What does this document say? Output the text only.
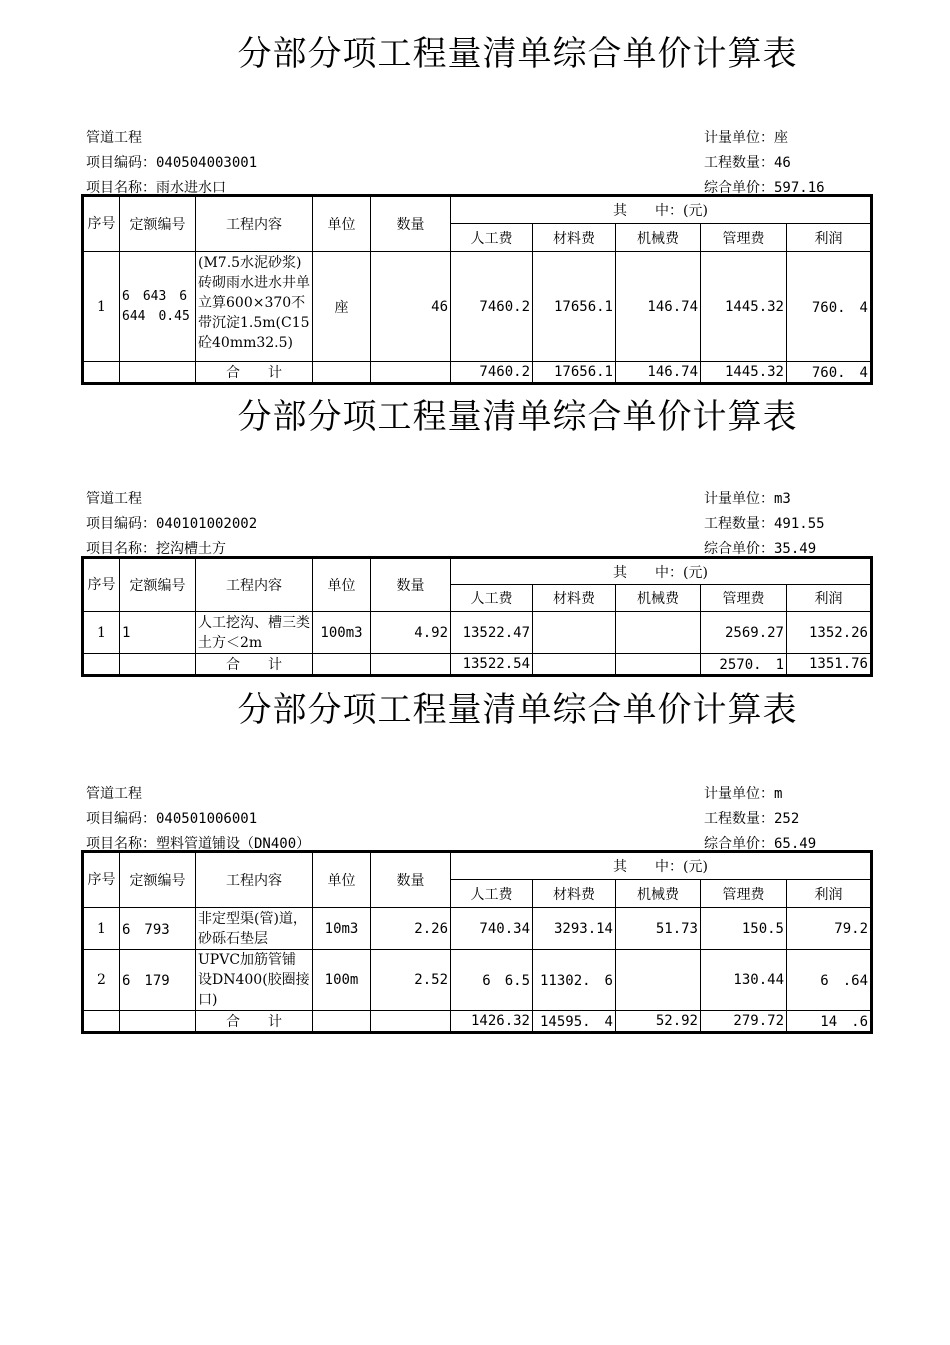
分部分项工程量清单综合单价计算表
管道工程
项目编码：040504003001
项目名称：雨水进水口
计量单位：座
工程数量：46
综合单价：597.16
序号	定额编号	工程内容	单位	数量	其　　中：(元)				
					人工费	材料费	机械费	管理费	利润
1	6　643　6 644　0.45	(M7.5水泥砂浆)砖砌雨水进水井单立算600×370不带沉淀1.5m(C15砼40mm32.5)	座	46	7460.2	17656.1	146.74	1445.32	760.　4
		合　　计			7460.2	17656.1	146.74	1445.32	760.　4
分部分项工程量清单综合单价计算表
管道工程
项目编码：040101002002
项目名称：挖沟槽土方
计量单位：m3
工程数量：491.55
综合单价：35.49
序号	定额编号	工程内容	单位	数量	其　　中：(元)				
					人工费	材料费	机械费	管理费	利润
1	1	人工挖沟、槽三类土方＜2m	100m3	4.92	13522.47			2569.27	1352.26
		合　　计			13522.54			2570.　1	1351.76
分部分项工程量清单综合单价计算表
管道工程
项目编码：040501006001
项目名称：塑料管道铺设（DN400）
计量单位：m
工程数量：252
综合单价：65.49
序号	定额编号	工程内容	单位	数量	其　　中：(元)				
					人工费	材料费	机械费	管理费	利润
1	6　793	非定型渠(管)道，砂砾石垫层	10m3	2.26	740.34	3293.14	51.73	150.5	79.2
2	6　179	UPVC加筋管铺设DN400(胶圈接口)	100m	2.52	6　6.5	11302.　6		130.44	6　.64
		合　　计			1426.32	14595.　4	52.92	279.72	14　.6
